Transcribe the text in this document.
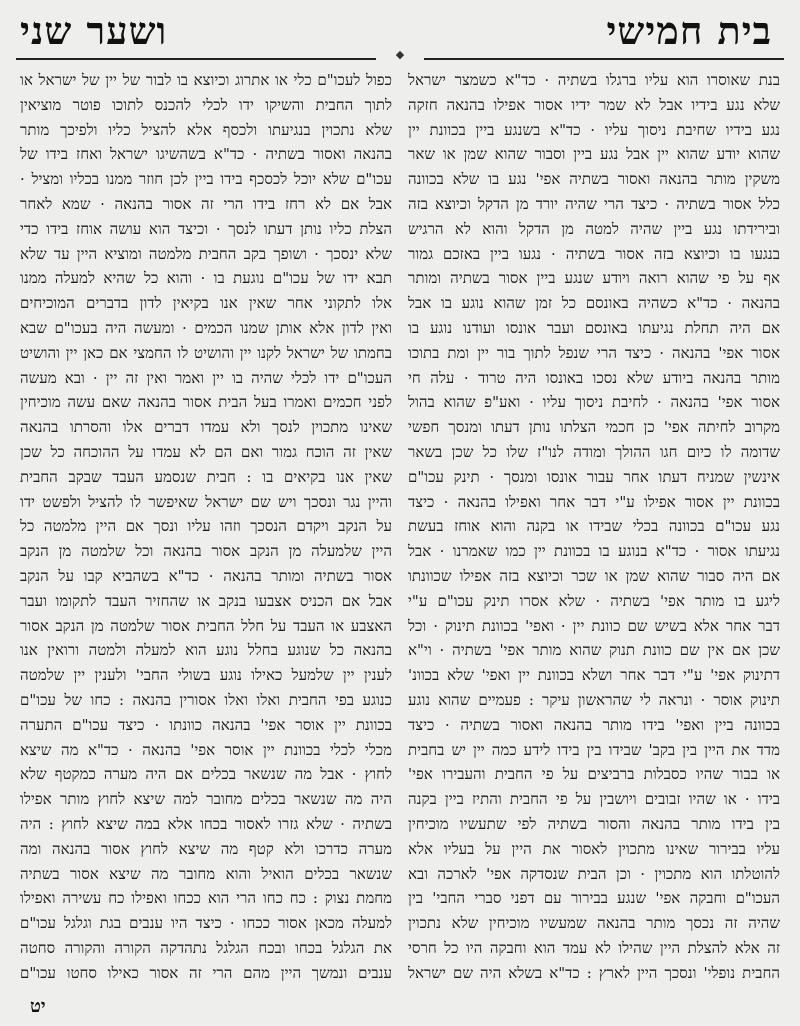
ושער שני	בית חמישי
◆
בנת שאוסרו הוא עליו ברגלו בשתיה · כד"א כשמצר ישראל
שלא נגע בידיו אבל לא שמר ידיו אסור אפילו בהנאה חזקה
נגע בידיו שחיבת ניסוך עליו · כד"א בשנגע ביין בכוונת יין
שהוא יודע שהוא יין אבל נגע ביין וסבור שהוא שמן או שאר
משקין מותר בהנאה ואסור בשתיה אפי' נגע בו שלא בכוונה
כלל אסור בשתיה · כיצד הרי שהיה יורד מן הדקל וכיוצא בזה
ובירידתו נגע ביין שהיה למטה מן הדקל והוא לא הרגיש
בנגעו בו וכיוצא בזה אסור בשתיה · נגעו ביין באזכם גמור
אף על פי שהוא רואה ויודע שנגע ביין אסור בשתיה ומותר
בהנאה · כד"א כשהיה באונסם כל זמן שהוא נוגע בו אבל
אם היה תחלת נגיעתו באונסם ועבר אונסו ועודנו נוגע בו
אסור אפי' בהנאה · כיצד הרי שנפל לתוך בור יין ומת בתוכו
מותר בהנאה ביודע שלא נסכו באונסו היה טרוד · עלה חי
אסור אפי' בהנאה · לחיבת ניסוך עליו · ואע"פ שהוא בהול
מקרוב לחיתה אפי' כן חכמי הצלתו נותן דעתו ומנסך חפשי
שדומה לו כיום חגו ההולך ומודה לנו"ז שלו כל שכן בשאר
אינשין שמניח דעתו אחר עבור אונסו ומנסך · תינק עכו"ם
בכוונת יין אסור אפילו ע"י דבר אחר ואפילו בהנאה · כיצד
נגע עכו"ם בכוונה בכלי שבידו או בקנה והוא אוחז בעשת
נגיעתו אסור · כד"א בנוגע בו בכוונת יין כמו שאמרנו · אבל
אם היה סבור שהוא שמן או שכר וכיוצא בזה אפילו שכוונתו
ליגע בו מותר אפי' בשתיה · שלא אסרו תינק עכו"ם ע"י
דבר אחר אלא בשיש שם כוונת יין · ואפי' בכוונת תינוק · וכל
שכן אם אין שם כוונת תנוק שהוא מותר אפי' בשתיה · וי"א
דתינוק אפי' ע"י דבר אחר ושלא בכוונת יין ואפי' שלא בכוונ'
תינוק אוסר · ונראה לי שהראשון עיקר : פעמיים שהוא נוגע
בכוונה ביין ואפי' בידו מותר בהנאה ואסור בשתיה · כיצד
מדד את היין בין בקב' שבידו בין בידו לידע כמה יין יש בחבית
או בבור שהיו כסבלות ברביצים על פי החבית והעבירו אפי'
בידו · או שהיו זבובים ויושבין על פי החבית והתיז ביין בקנה
בין בידו מותר בהנאה והסור בשתיה לפי שתעשיו מוכיחין
עליו בבירור שאינו מתכוין לאסור את היין על בעליו אלא
להוטלתו הוא מתכוין · וכן הבית שנסדקה אפי' לארכה ובא
העכו"ם וחבקה אפי' שנגע בבירור עם דפני סברי החבי' בין
שהיה זה נכסך מותר בהנאה שמעשיו מוכיחין שלא נתכוין
זה אלא להצלת היין שהילו לא עמד הוא וחבקה היו כל חרסי
החבית נופלי' ונסכך היין לארץ : כד"א בשלא היה שם ישראל
כפול לעכו"ם כלי או אתרוג וכיוצא בו לבור של יין של ישראל או
לתוך החבית והשיקו ידו לכלי להכנס לתוכו פוטר מוציאין
שלא נתכוין בנגיעתו ולכסף אלא להציל כליו ולפיכך מותר
בהנאה ואסור בשתיה · כד"א בשהשיגו ישראל ואחז בידו של
עכו"ם שלא יוכל לכסכף בידו ביין לכן חוזר ממנו בכליו ומציל ·
אבל אם לא רחז בידו הרי זה אסור בהנאה · שמא לאחר
הצלת כליו נותן דעתו לנסך · וכיצד הוא עושה אוחז בידו כדי
שלא ינסכך · ושופך בקב החבית מלמטה ומוציא היין עד שלא
תבא ידו של עכו"ם נוגעת בו · והוא כל שהיא למעלה ממנו
אלו לתקוני אחר שאין אנו בקיאין לדון בדברים המוכיחים
ואין לדון אלא אותן שמנו הכמים · ומעשה היה בעכו"ם שבא
בחמתו של ישראל לקנו יין והושיט לו החמצי אם כאן יין והושיט
העכו"ם ידו לכלי שהיה בו יין ואמר ואין זה יין · ובא מעשה
לפני חכמים ואמרו בעל הבית אסור בהנאה שאם עשה מוכיחין
שאינו מתכוין לנסך ולא עמדו דברים אלו והסרתו בהנאה
שאין זה הוכח גמור ואם הם לא עמדו על ההוכחה כל שכן
שאין אנו בקיאים בו : חבית שנסמע העבד שבקב החבית
והיין נגר ונסכך ויש שם ישראל שאיפשר לו להציל ולפשט ידו
על הנקב ויקדם הנסכך וזהו עליו ונסך אם היין מלמטה כל
היין שלמעלה מן הנקב אסור בהנאה וכל שלמטה מן הנקב
אסור בשתיה ומותר בהנאה · כד"א בשהביא קבו על הנקב
אבל אם הכניס אצבעו בנקב או שהחזיר העבד לתקומו ועבר
האצבע או העבד על חלל החבית אסור שלמטה מן הנקב אסור
בהנאה כל שנוגע בחלל נוגע הוא למעלה ולמטה ורואין אנו
לענין יין שלמעל כאילו נוגע בשולי החבי' ולענין יין שלמטה
כנוגע בפי החבית ואלו ואלו אסורין בהנאה : כחו של עכו"ם
בכוונת יין אוסר אפי' בהנאה כוונתו · כיצד עכו"ם התערה
מכלי לכלי בכוונת יין אוסר אפי' בהנאה · כד"א מה שיצא
לחוץ · אבל מה שנשאר בכלים אם היה מערה כמקטף שלא
היה מה שנשאר בכלים מחובר למה שיצא לחוץ מותר אפילו
בשתיה · שלא גזרו לאסור בכחו אלא במה שיצא לחוץ : היה
מערה כדרכו ולא קטף מה שיצא לחוץ אסור בהנאה ומה
שנשאר בכלים הואיל והוא מחובר מה שיצא אסור בשתיה
מחמת נצוק : כח כחו הרי הוא ככחו ואפילו כח עשירה ואפילו
למעלה מכאן אסור ככחו · כיצד היו ענבים בגת וגלגל עכו"ם
את הגלגל בכחו ובכח הגלגל נתהדקה הקורה והקורה סחטה
ענבים ונמשך היין מהם הרי זה אסור כאילו סחטו עכו"ם
יט
